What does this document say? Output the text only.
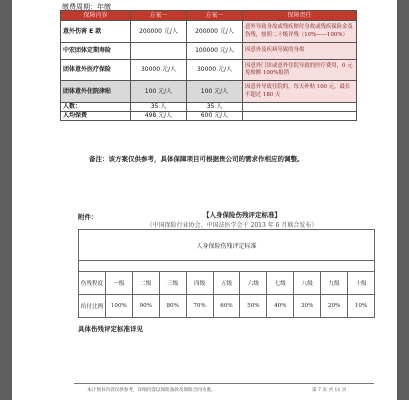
缴费周期：年缴
保障内容	方案一	方案一	保障责任
意外伤害 E 款	200000 元/人	200000 元/人	意外导致身故或残疾赔付身故或残疾保险金及伤残，按照二十级评残（10%——100%）
中宏团体定期寿险		100000 元/人	因意外及疾病导致的身故
团体意外医疗保险	30000 元/人	30000 元/人	因意外门诊或意外住院导致的医疗费用，0 元免赔额 100%报销
团体意外住院津贴	100 元/人	100 元/人	因意外导致住院的，每天补贴 100 元，最长不超过 180 天
人数：	35 人	35 人	
人均保费	498 元/人	600 元/人	
备注：该方案仅供参考，具体保障项目可根据贵公司的需求作相应的调整。
附件：	【人身保险伤残评定标准】
（中国保险行业协会、中国法医学会于 2013 年 6 月联合发布）
人身保险伤残评定标准										

伤残程度	一级	二级	三级	四级	五级	六级	七级	八级	九级	十级
给付比例	100%	90%	80%	70%	60%	50%	40%	30%	20%	10%
具体伤残评定标准详见
本计划书内容仅供参考，详细内容以保险条款及保险合同为准。	第 7 页 共 11 页
